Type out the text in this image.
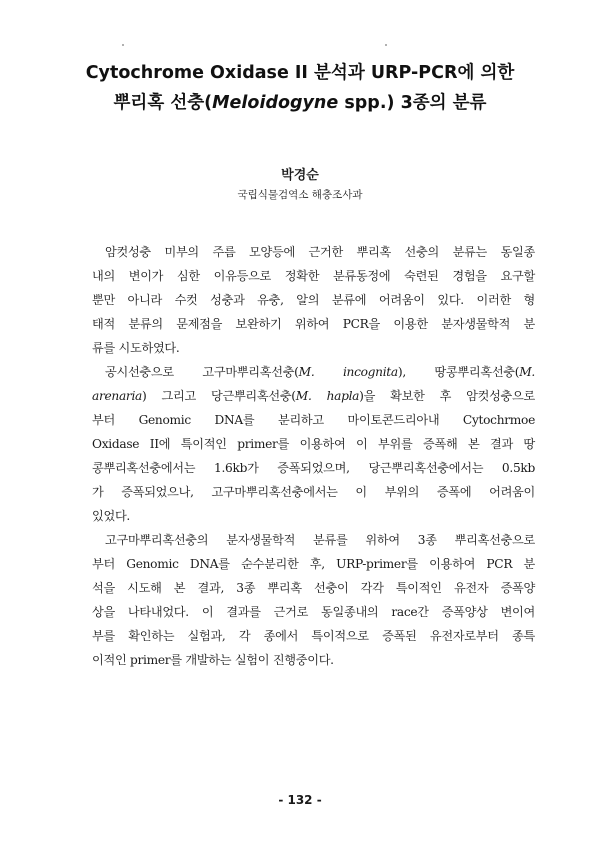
Cytochrome Oxidase II 분석과 URP-PCR에 의한
뿌리혹 선충(Meloidogyne spp.) 3종의 분류

박경순

국립식물검역소 해충조사과

암컷성충 미부의 주름 모양등에 근거한 뿌리혹 선충의 분류는 동일종
내의 변이가 심한 이유등으로 정확한 분류동정에 숙련된 경험을 요구할
뿐만 아니라 수컷 성충과 유충, 알의 분류에 어려움이 있다. 이러한 형
태적 분류의 문제점을 보완하기 위하여 PCR을 이용한 분자생물학적 분
류를 시도하였다.

공시선충으로 고구마뿌리혹선충(M. incognita), 땅콩뿌리혹선충(M.
arenaria) 그리고 당근뿌리혹선충(M. hapla)을 확보한 후 암컷성충으로
부터 Genomic DNA를 분리하고 마이토콘드리아내 Cytochrmoe
Oxidase II에 특이적인 primer를 이용하여 이 부위를 증폭해 본 결과 땅
콩뿌리혹선충에서는 1.6kb가 증폭되었으며, 당근뿌리혹선충에서는 0.5kb
가 증폭되었으나, 고구마뿌리혹선충에서는 이 부위의 증폭에 어려움이
있었다.

고구마뿌리혹선충의 분자생물학적 분류를 위하여 3종 뿌리혹선충으로
부터 Genomic DNA를 순수분리한 후, URP-primer를 이용하여 PCR 분
석을 시도해 본 결과, 3종 뿌리혹 선충이 각각 특이적인 유전자 증폭양
상을 나타내었다. 이 결과를 근거로 동일종내의 race간 증폭양상 변이여
부를 확인하는 실험과, 각 종에서 특이적으로 증폭된 유전자로부터 종특
이적인 primer를 개발하는 실험이 진행중이다.

- 132 -
